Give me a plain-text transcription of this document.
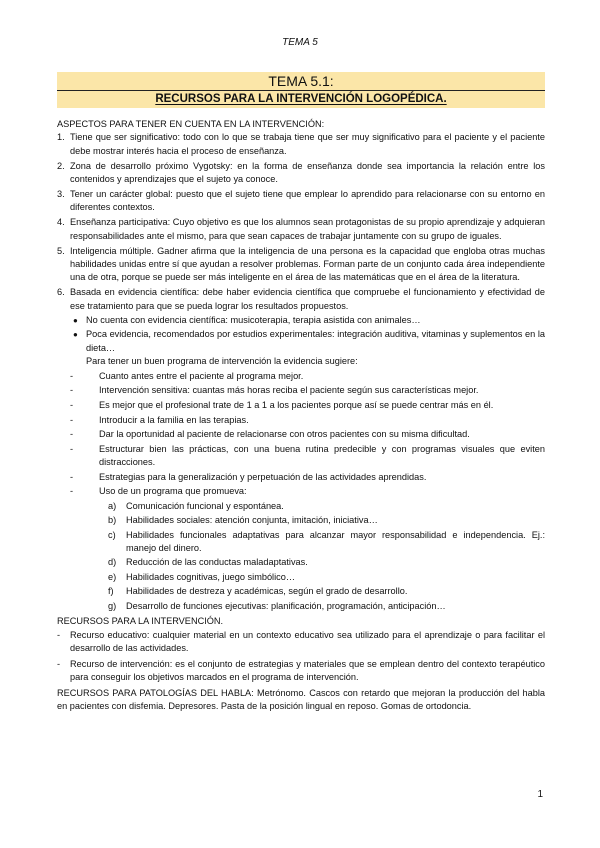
TEMA 5
TEMA 5.1:
RECURSOS PARA LA INTERVENCIÓN LOGOPÉDICA.

ASPECTOS PARA TENER EN CUENTA EN LA INTERVENCIÓN:

1. Tiene que ser significativo: todo con lo que se trabaja tiene que ser muy significativo para el paciente y el paciente debe mostrar interés hacia el proceso de enseñanza.
2. Zona de desarrollo próximo Vygotsky: en la forma de enseñanza donde sea importancia la relación entre los contenidos y aprendizajes que el sujeto ya conoce.
3. Tener un carácter global: puesto que el sujeto tiene que emplear lo aprendido para relacionarse con su entorno en diferentes contextos.
4. Enseñanza participativa: Cuyo objetivo es que los alumnos sean protagonistas de su propio aprendizaje y adquieran responsabilidades ante el mismo, para que sean capaces de trabajar juntamente con su grupo de iguales.
5. Inteligencia múltiple. Gadner afirma que la inteligencia de una persona es la capacidad que engloba otras muchas habilidades unidas entre sí que ayudan a resolver problemas. Forman parte de un conjunto cada área independiente una de otra, porque se puede ser más inteligente en el área de las matemáticas que en el área de la literatura.
6. Basada en evidencia científica: debe haber evidencia científica que compruebe el funcionamiento y efectividad de ese tratamiento para que se pueda lograr los resultados propuestos.
● No cuenta con evidencia científica: musicoterapia, terapia asistida con animales…
● Poca evidencia, recomendados por estudios experimentales: integración auditiva, vitaminas y suplementos en la dieta…

Para tener un buen programa de intervención la evidencia sugiere:

-	Cuanto antes entre el paciente al programa mejor.
-	Intervención sensitiva: cuantas más horas reciba el paciente según sus características mejor.
-	Es mejor que el profesional trate de 1 a 1 a los pacientes porque así se puede centrar más en él.
-	Introducir a la familia en las terapias.
-	Dar la oportunidad al paciente de relacionarse con otros pacientes con su misma dificultad.
-	Estructurar bien las prácticas, con una buena rutina predecible y con programas visuales que eviten distracciones.
-	Estrategias para la generalización y perpetuación de las actividades aprendidas.
-	Uso de un programa que promueva:
a) Comunicación funcional y espontánea.
b) Habilidades sociales: atención conjunta, imitación, iniciativa…
c) Habilidades funcionales adaptativas para alcanzar mayor responsabilidad e independencia. Ej.: manejo del dinero.
d) Reducción de las conductas maladaptativas.
e) Habilidades cognitivas, juego simbólico…
f) Habilidades de destreza y académicas, según el grado de desarrollo.
g) Desarrollo de funciones ejecutivas: planificación, programación, anticipación…

RECURSOS PARA LA INTERVENCIÓN.

- Recurso educativo: cualquier material en un contexto educativo sea utilizado para el aprendizaje o para facilitar el desarrollo de las actividades.
- Recurso de intervención: es el conjunto de estrategias y materiales que se emplean dentro del contexto terapéutico para conseguir los objetivos marcados en el programa de intervención.

RECURSOS PARA PATOLOGÍAS DEL HABLA: Metrónomo. Cascos con retardo que mejoran la producción del habla en pacientes con disfemia. Depresores. Pasta de la posición lingual en reposo. Gomas de ortodoncia.

1
